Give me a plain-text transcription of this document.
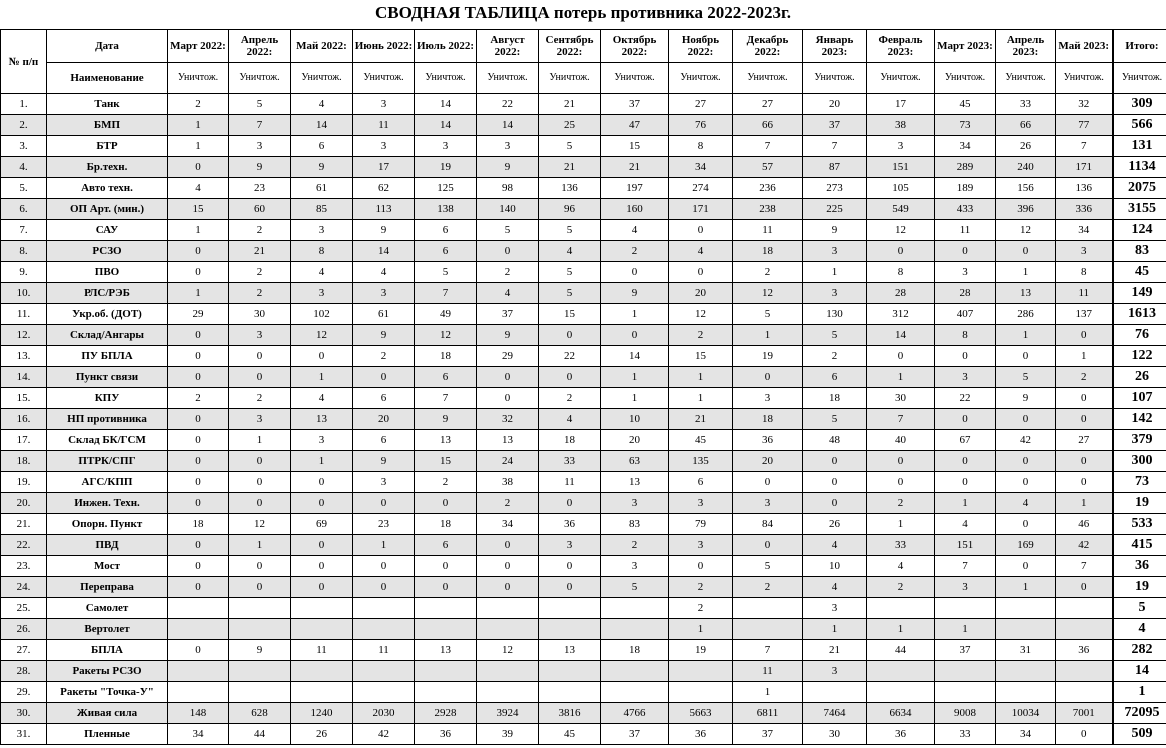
СВОДНАЯ ТАБЛИЦА потерь противника 2022-2023г.
№ п/п	Дата	Март 2022:	Апрель 2022:	Май 2022:	Июнь 2022:	Июль 2022:	Август 2022:	Сентябрь 2022:	Октябрь 2022:	Ноябрь 2022:	Декабрь 2022:	Январь 2023:	Февраль 2023:	Март 2023:	Апрель 2023:	Май 2023:	Итого:
	Наименование	Уничтож.	Уничтож.	Уничтож.	Уничтож.	Уничтож.	Уничтож.	Уничтож.	Уничтож.	Уничтож.	Уничтож.	Уничтож.	Уничтож.	Уничтож.	Уничтож.	Уничтож.	Уничтож.
1.	Танк	2	5	4	3	14	22	21	37	27	27	20	17	45	33	32	309
2.	БМП	1	7	14	11	14	14	25	47	76	66	37	38	73	66	77	566
3.	БТР	1	3	6	3	3	3	5	15	8	7	7	3	34	26	7	131
4.	Бр.техн.	0	9	9	17	19	9	21	21	34	57	87	151	289	240	171	1134
5.	Авто техн.	4	23	61	62	125	98	136	197	274	236	273	105	189	156	136	2075
6.	ОП Арт. (мин.)	15	60	85	113	138	140	96	160	171	238	225	549	433	396	336	3155
7.	САУ	1	2	3	9	6	5	5	4	0	11	9	12	11	12	34	124
8.	РСЗО	0	21	8	14	6	0	4	2	4	18	3	0	0	0	3	83
9.	ПВО	0	2	4	4	5	2	5	0	0	2	1	8	3	1	8	45
10.	РЛС/РЭБ	1	2	3	3	7	4	5	9	20	12	3	28	28	13	11	149
11.	Укр.об. (ДОТ)	29	30	102	61	49	37	15	1	12	5	130	312	407	286	137	1613
12.	Склад/Ангары	0	3	12	9	12	9	0	0	2	1	5	14	8	1	0	76
13.	ПУ БПЛА	0	0	0	2	18	29	22	14	15	19	2	0	0	0	1	122
14.	Пункт связи	0	0	1	0	6	0	0	1	1	0	6	1	3	5	2	26
15.	КПУ	2	2	4	6	7	0	2	1	1	3	18	30	22	9	0	107
16.	НП противника	0	3	13	20	9	32	4	10	21	18	5	7	0	0	0	142
17.	Склад БК/ГСМ	0	1	3	6	13	13	18	20	45	36	48	40	67	42	27	379
18.	ПТРК/СПГ	0	0	1	9	15	24	33	63	135	20	0	0	0	0	0	300
19.	АГС/КПП	0	0	0	3	2	38	11	13	6	0	0	0	0	0	0	73
20.	Инжен. Техн.	0	0	0	0	0	2	0	3	3	3	0	2	1	4	1	19
21.	Опорн. Пункт	18	12	69	23	18	34	36	83	79	84	26	1	4	0	46	533
22.	ПВД	0	1	0	1	6	0	3	2	3	0	4	33	151	169	42	415
23.	Мост	0	0	0	0	0	0	0	3	0	5	10	4	7	0	7	36
24.	Переправа	0	0	0	0	0	0	0	5	2	2	4	2	3	1	0	19
25.	Самолет									2		3					5
26.	Вертолет									1		1	1	1			4
27.	БПЛА	0	9	11	11	13	12	13	18	19	7	21	44	37	31	36	282
28.	Ракеты РСЗО										11	3					14
29.	Ракеты "Точка-У"										1						1
30.	Живая сила	148	628	1240	2030	2928	3924	3816	4766	5663	6811	7464	6634	9008	10034	7001	72095
31.	Пленные	34	44	26	42	36	39	45	37	36	37	30	36	33	34	0	509
